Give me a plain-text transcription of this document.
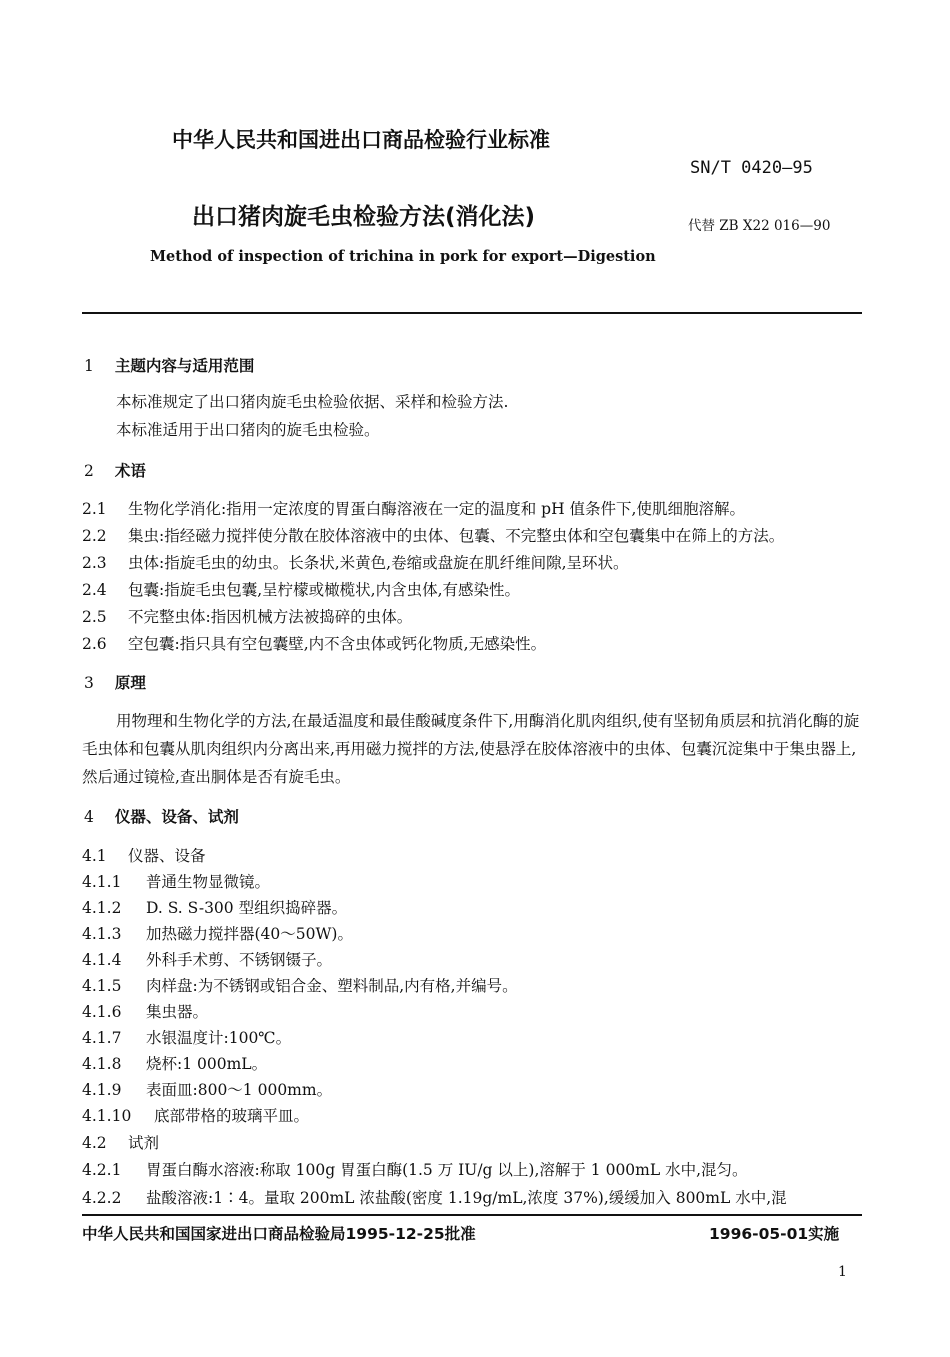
中华人民共和国进出口商品检验行业标准
SN/T 0420—95
出口猪肉旋毛虫检验方法(消化法)	代替 ZB X22 016—90
Method of inspection of trichina in pork for export—Digestion
1 主题内容与适用范围
本标准规定了出口猪肉旋毛虫检验依据、采样和检验方法.
本标准适用于出口猪肉的旋毛虫检验。
2 术语
2.1 生物化学消化:指用一定浓度的胃蛋白酶溶液在一定的温度和 pH 值条件下,使肌细胞溶解。
2.2 集虫:指经磁力搅拌使分散在胶体溶液中的虫体、包囊、不完整虫体和空包囊集中在筛上的方法。
2.3 虫体:指旋毛虫的幼虫。长条状,米黄色,卷缩或盘旋在肌纤维间隙,呈环状。
2.4 包囊:指旋毛虫包囊,呈柠檬或橄榄状,内含虫体,有感染性。
2.5 不完整虫体:指因机械方法被捣碎的虫体。
2.6 空包囊:指只具有空包囊壁,内不含虫体或钙化物质,无感染性。
3 原理

用物理和生物化学的方法,在最适温度和最佳酸碱度条件下,用酶消化肌肉组织,使有坚韧角质层和抗消化酶的旋毛虫体和包囊从肌肉组织内分离出来,再用磁力搅拌的方法,使悬浮在胶体溶液中的虫体、包囊沉淀集中于集虫器上,然后通过镜检,查出胴体是否有旋毛虫。

4 仪器、设备、试剂
4.1 仪器、设备
4.1.1 普通生物显微镜。
4.1.2 D. S. S-300 型组织捣碎器。
4.1.3 加热磁力搅拌器(40～50W)。
4.1.4 外科手术剪、不锈钢镊子。
4.1.5 肉样盘:为不锈钢或铝合金、塑料制品,内有格,并编号。
4.1.6 集虫器。
4.1.7 水银温度计:100℃。
4.1.8 烧杯:1 000mL。
4.1.9 表面皿:800～1 000mm。
4.1.10 底部带格的玻璃平皿。
4.2 试剂
4.2.1 胃蛋白酶水溶液:称取 100g 胃蛋白酶(1.5 万 IU/g 以上),溶解于 1 000mL 水中,混匀。
4.2.2 盐酸溶液:1∶4。量取 200mL 浓盐酸(密度 1.19g/mL,浓度 37%),缓缓加入 800mL 水中,混
中华人民共和国国家进出口商品检验局1995-12-25批准	1996-05-01实施
1
